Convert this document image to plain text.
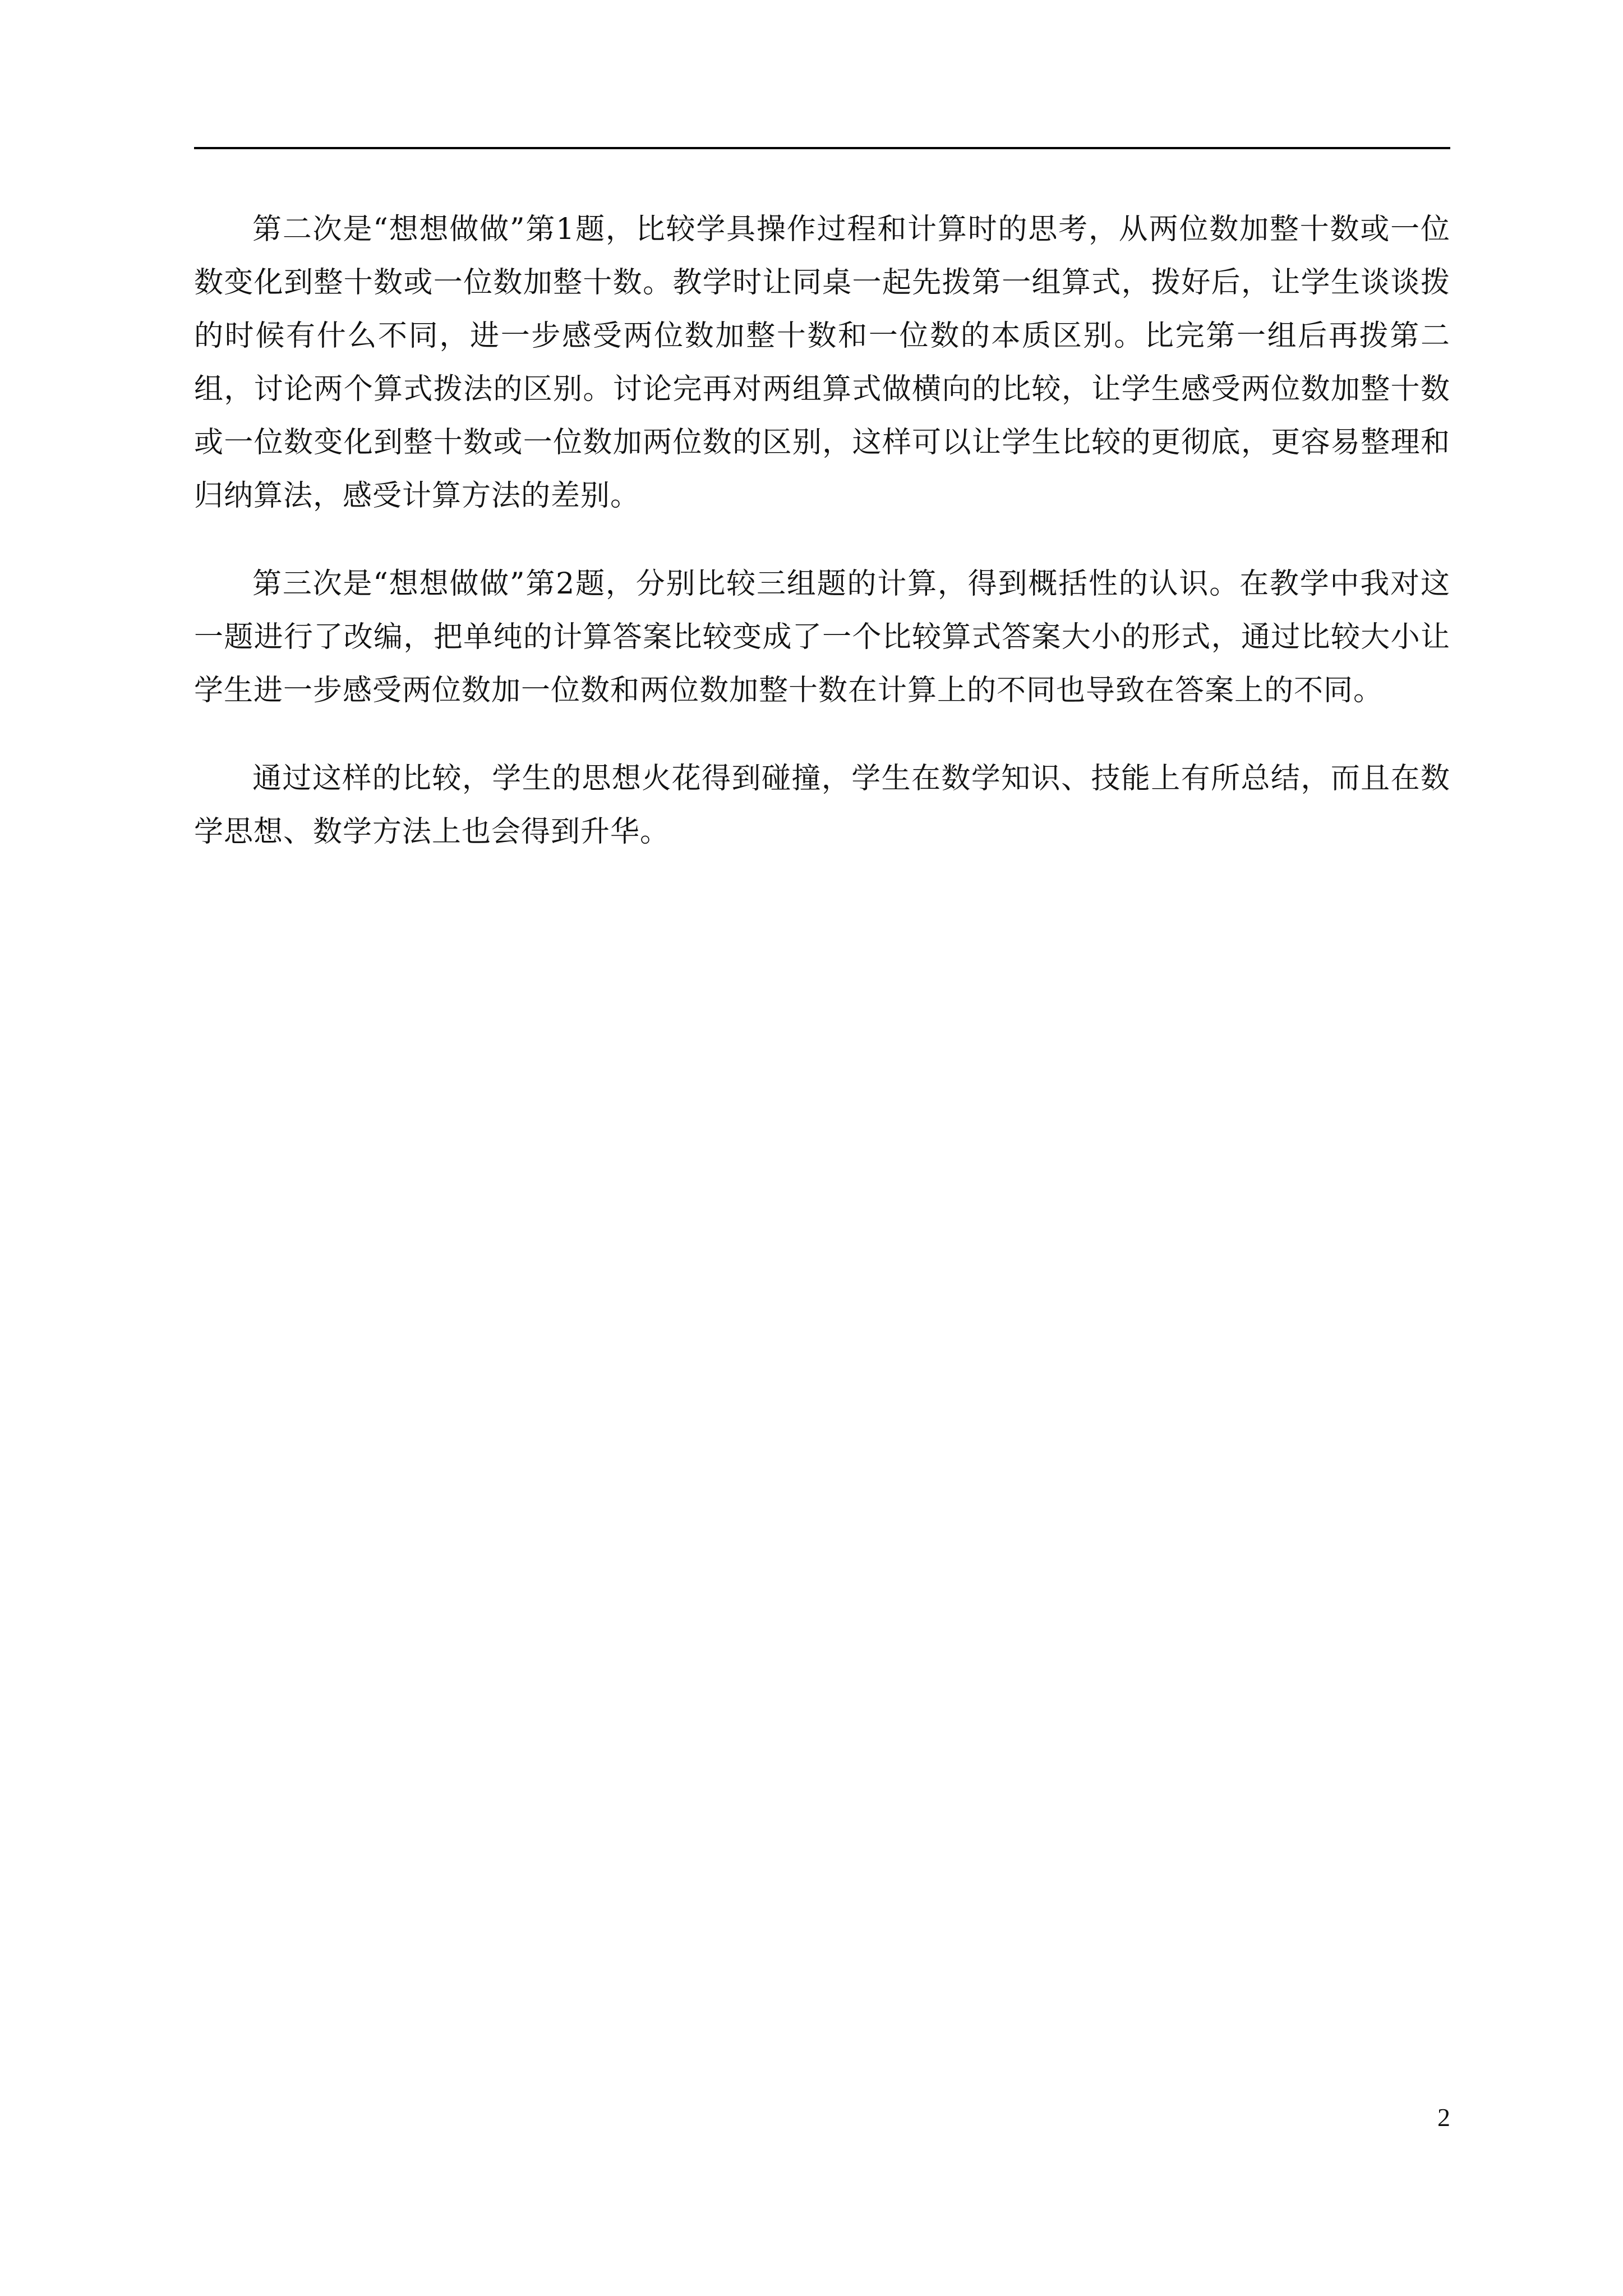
第二次是“想想做做”第1题，比较学具操作过程和计算时的思考，从两位数加整十数或一位数变化到整十数或一位数加整十数。教学时让同桌一起先拨第一组算式，拨好后，让学生谈谈拨的时候有什么不同，进一步感受两位数加整十数和一位数的本质区别。比完第一组后再拨第二组，讨论两个算式拨法的区别。讨论完再对两组算式做横向的比较，让学生感受两位数加整十数或一位数变化到整十数或一位数加两位数的区别，这样可以让学生比较的更彻底，更容易整理和归纳算法，感受计算方法的差别。

第三次是“想想做做”第2题，分别比较三组题的计算，得到概括性的认识。在教学中我对这一题进行了改编，把单纯的计算答案比较变成了一个比较算式答案大小的形式，通过比较大小让学生进一步感受两位数加一位数和两位数加整十数在计算上的不同也导致在答案上的不同。

通过这样的比较，学生的思想火花得到碰撞，学生在数学知识、技能上有所总结，而且在数学思想、数学方法上也会得到升华。

2
